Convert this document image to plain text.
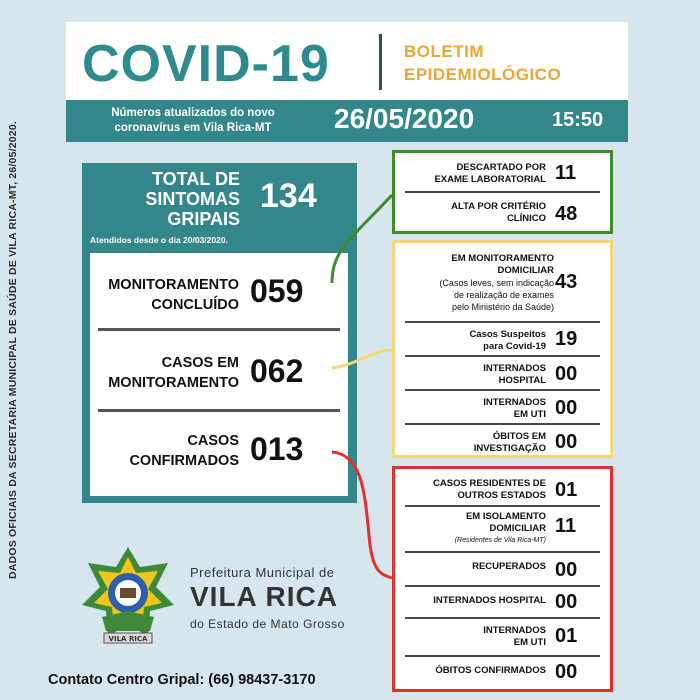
DADOS OFICIAIS DA SECRETARIA MUNICIPAL DE SAÚDE DE VILA RICA-MT, 26/05/2020.
COVID-19	BOLETIM
EPIDEMIOLÓGICO
Números atualizados do novo
coronavírus em Vila Rica-MT	26/05/2020	15:50
TOTAL DE
SINTOMAS
GRIPAIS
134
Atendidos desde o dia 20/03/2020.
MONITORAMENTO
CONCLUÍDO 059
CASOS EM
MONITORAMENTO 062
CASOS
CONFIRMADOS 013
DESCARTADO POR
EXAME LABORATORIAL 11
ALTA POR CRITÉRIO
CLÍNICO 48
EM MONITORAMENTO
DOMICILIAR
(Casos leves, sem indicação
de realização de exames
pelo Ministério da Saúde)
43
Casos Suspeitos
para Covid-19 19
INTERNADOS
HOSPITAL 00
INTERNADOS
EM UTI 00
ÓBITOS EM
INVESTIGAÇÃO 00
CASOS RESIDENTES DE
OUTROS ESTADOS 01
EM ISOLAMENTO
DOMICILIAR
(Residentes de Vila Rica-MT)
11
RECUPERADOS 00
INTERNADOS HOSPITAL 00
INTERNADOS
EM UTI 01
ÓBITOS CONFIRMADOS 00
VILA RICA
Prefeitura Municipal de
VILA RICA
do Estado de Mato Grosso
Contato Centro Gripal: (66) 98437-3170
